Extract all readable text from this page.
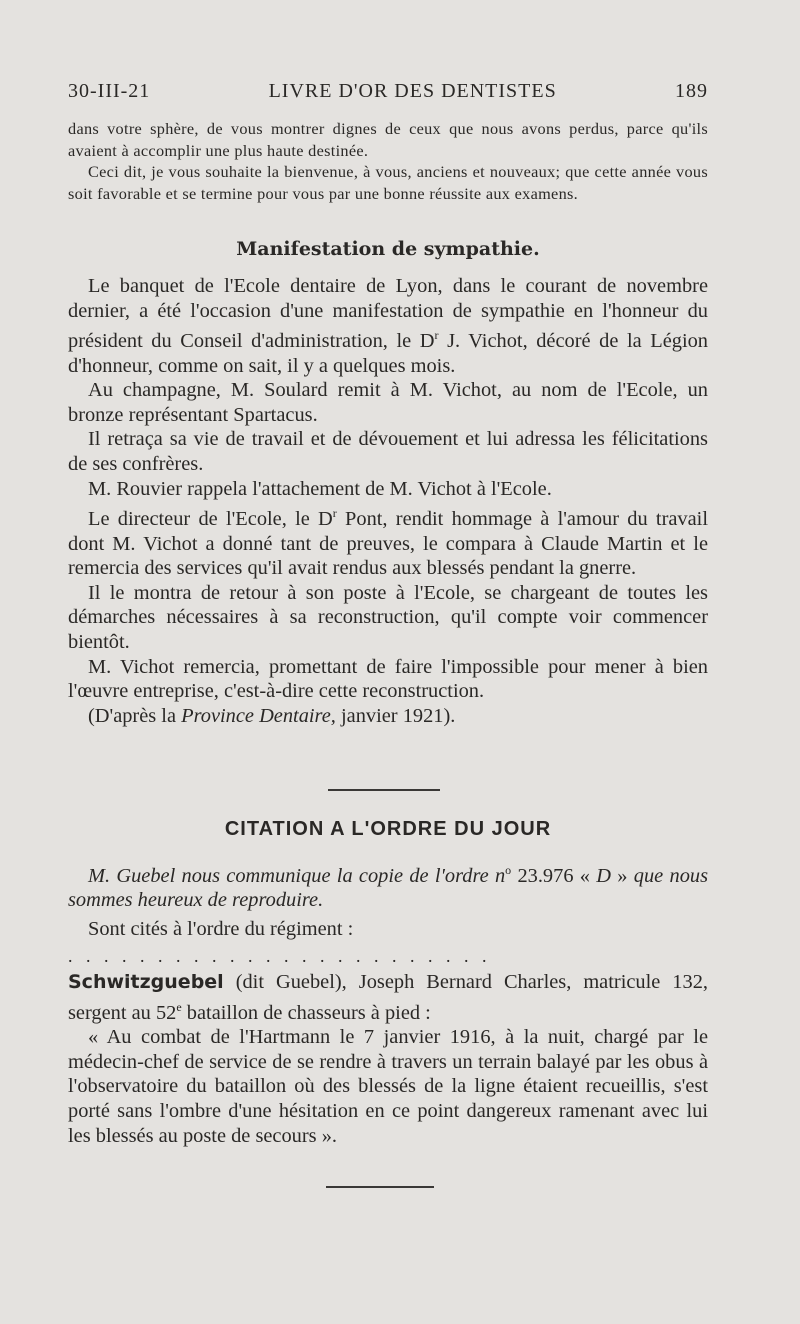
30-III-21	LIVRE D'OR DES DENTISTES	189

dans votre sphère, de vous montrer dignes de ceux que nous avons perdus, parce qu'ils avaient à accomplir une plus haute destinée.

Ceci dit, je vous souhaite la bienvenue, à vous, anciens et nouveaux; que cette année vous soit favorable et se termine pour vous par une bonne réussite aux examens.

Manifestation de sympathie.

Le banquet de l'Ecole dentaire de Lyon, dans le courant de novembre dernier, a été l'occasion d'une manifestation de sympathie en l'honneur du président du Conseil d'administration, le $D^r$ J. Vichot, décoré de la Légion d'honneur, comme on sait, il y a quelques mois.

Au champagne, M. Soulard remit à M. Vichot, au nom de l'Ecole, un bronze représentant Spartacus.

Il retraça sa vie de travail et de dévouement et lui adressa les félicitations de ses confrères.

M. Rouvier rappela l'attachement de M. Vichot à l'Ecole.

Le directeur de l'Ecole, le $D^r$ Pont, rendit hommage à l'amour du travail dont M. Vichot a donné tant de preuves, le compara à Claude Martin et le remercia des services qu'il avait rendus aux blessés pendant la gnerre.

Il le montra de retour à son poste à l'Ecole, se chargeant de toutes les démarches nécessaires à sa reconstruction, qu'il compte voir commencer bientôt.

M. Vichot remercia, promettant de faire l'impossible pour mener à bien l'œuvre entreprise, c'est-à-dire cette reconstruction.

(D'après la Province Dentaire, janvier 1921).

CITATION A L'ORDRE DU JOUR

M. Guebel nous communique la copie de l'ordre $n^o$ 23.976 « D » que nous sommes heureux de reproduire.

Sont cités à l'ordre du régiment :

........................

Schwitzguebel (dit Guebel), Joseph Bernard Charles, matricule 132, sergent au 52e bataillon de chasseurs à pied :

« Au combat de l'Hartmann le 7 janvier 1916, à la nuit, chargé par le médecin-chef de service de se rendre à travers un terrain balayé par les obus à l'observatoire du bataillon où des blessés de la ligne étaient recueillis, s'est porté sans l'ombre d'une hésitation en ce point dangereux ramenant avec lui les blessés au poste de secours ».
